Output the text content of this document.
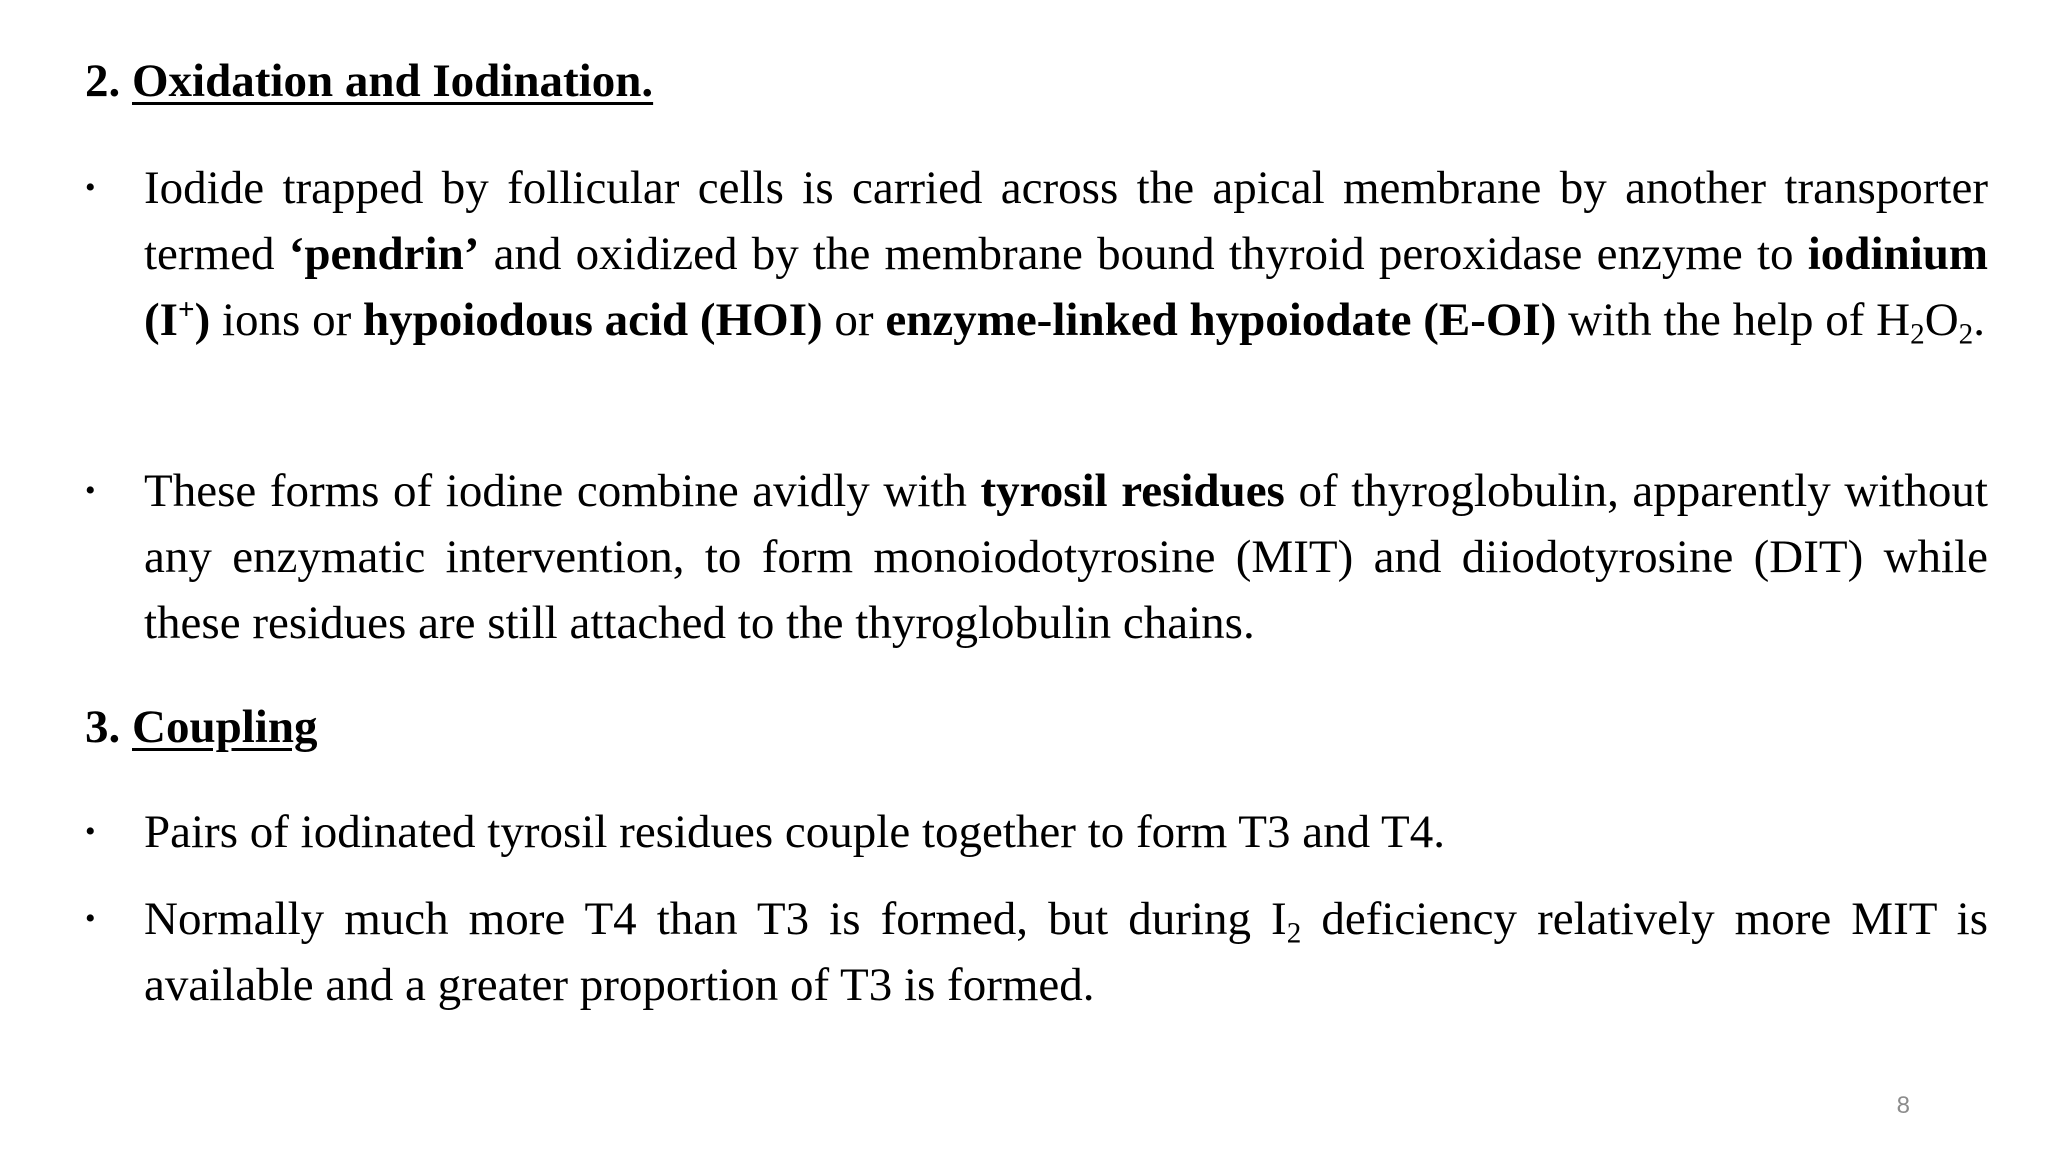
2. Oxidation and Iodination.
• Iodide trapped by follicular cells is carried across the apical membrane by another transporter termed ‘pendrin’ and oxidized by the membrane bound thyroid peroxidase enzyme to iodinium (I+) ions or hypoiodous acid (HOI) or enzyme-linked hypoiodate (E-OI) with the help of $H_2O_2$.
• These forms of iodine combine avidly with tyrosil residues of thyroglobulin, apparently without any enzymatic intervention, to form monoiodotyrosine (MIT) and diiodotyrosine (DIT) while these residues are still attached to the thyroglobulin chains.
3. Coupling
• Pairs of iodinated tyrosil residues couple together to form T3 and T4.
• Normally much more T4 than T3 is formed, but during $I_2$ deficiency relatively more MIT is available and a greater proportion of T3 is formed.
8
